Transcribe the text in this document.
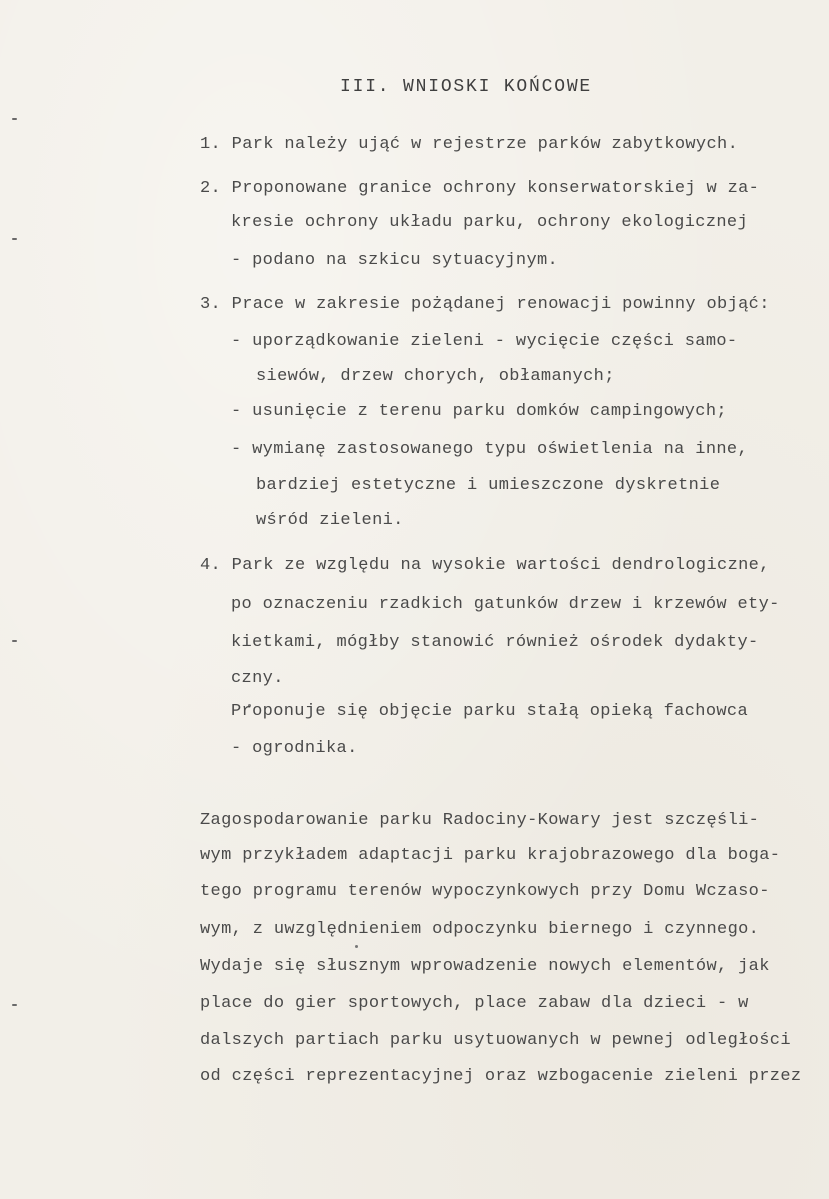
III. WNIOSKI KOŃCOWE
1. Park należy ująć w rejestrze parków zabytkowych.
2. Proponowane granice ochrony konserwatorskiej w za-
kresie ochrony układu parku, ochrony ekologicznej
- podano na szkicu sytuacyjnym.
3. Prace w zakresie pożądanej renowacji powinny objąć:
- uporządkowanie zieleni - wycięcie części samo-
siewów, drzew chorych, obłamanych;
- usunięcie z terenu parku domków campingowych;
- wymianę zastosowanego typu oświetlenia na inne,
bardziej estetyczne i umieszczone dyskretnie
wśród zieleni.
4. Park ze względu na wysokie wartości dendrologiczne,
po oznaczeniu rzadkich gatunków drzew i krzewów ety-
kietkami, mógłby stanowić również ośrodek dydakty-
czny.
Proponuje się objęcie parku stałą opieką fachowca
- ogrodnika.
Zagospodarowanie parku Radociny-Kowary jest szczęśli-
wym przykładem adaptacji parku krajobrazowego dla boga-
tego programu terenów wypoczynkowych przy Domu Wczaso-
wym, z uwzględnieniem odpoczynku biernego i czynnego.
Wydaje się słusznym wprowadzenie nowych elementów, jak
place do gier sportowych, place zabaw dla dzieci - w
dalszych partiach parku usytuowanych w pewnej odległości
od części reprezentacyjnej oraz wzbogacenie zieleni przez
